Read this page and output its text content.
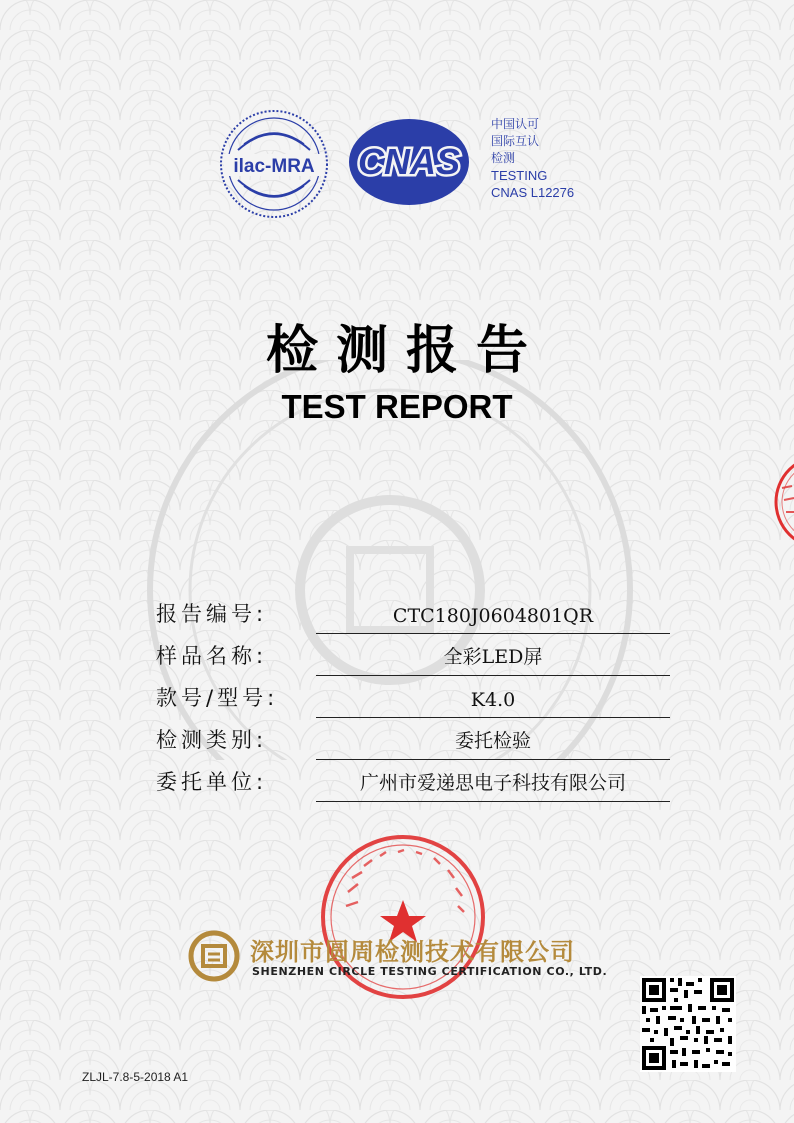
ilac-MRA CNAS
中国认可
国际互认
检测
TESTING
CNAS L12276
检测报告
TEST REPORT
报告编号:	CTC180J0604801QR
样品名称:	全彩LED屏
款号/型号:	K4.0
检测类别:	委托检验
委托单位:	广州市爱递思电子科技有限公司
深圳市圆周检测技术有限公司
SHENZHEN CIRCLE TESTING CERTIFICATION CO., LTD.
ZLJL-7.8-5-2018 A1
